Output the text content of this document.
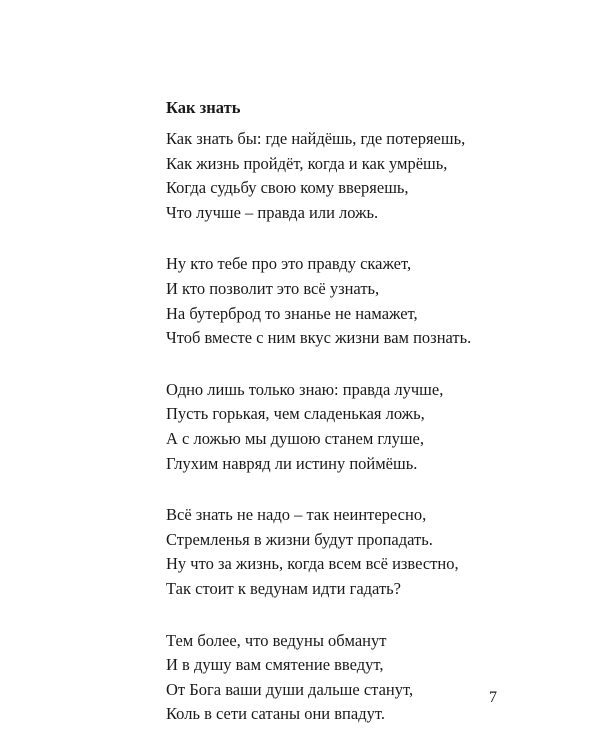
Как знать
Как знать бы: где найдёшь, где потеряешь,
Как жизнь пройдёт, когда и как умрёшь,
Когда судьбу свою кому вверяешь,
Что лучше – правда или ложь.
Ну кто тебе про это правду скажет,
И кто позволит это всё узнать,
На бутерброд то знанье не намажет,
Чтоб вместе с ним вкус жизни вам познать.
Одно лишь только знаю: правда лучше,
Пусть горькая, чем сладенькая ложь,
А с ложью мы душою станем глуше,
Глухим навряд ли истину поймёшь.
Всё знать не надо – так неинтересно,
Стремленья в жизни будут пропадать.
Ну что за жизнь, когда всем всё известно,
Так стоит к ведунам идти гадать?
Тем более, что ведуны обманут
И в душу вам смятение введут,
От Бога ваши души дальше станут,
Коль в сети сатаны они впадут.
7
